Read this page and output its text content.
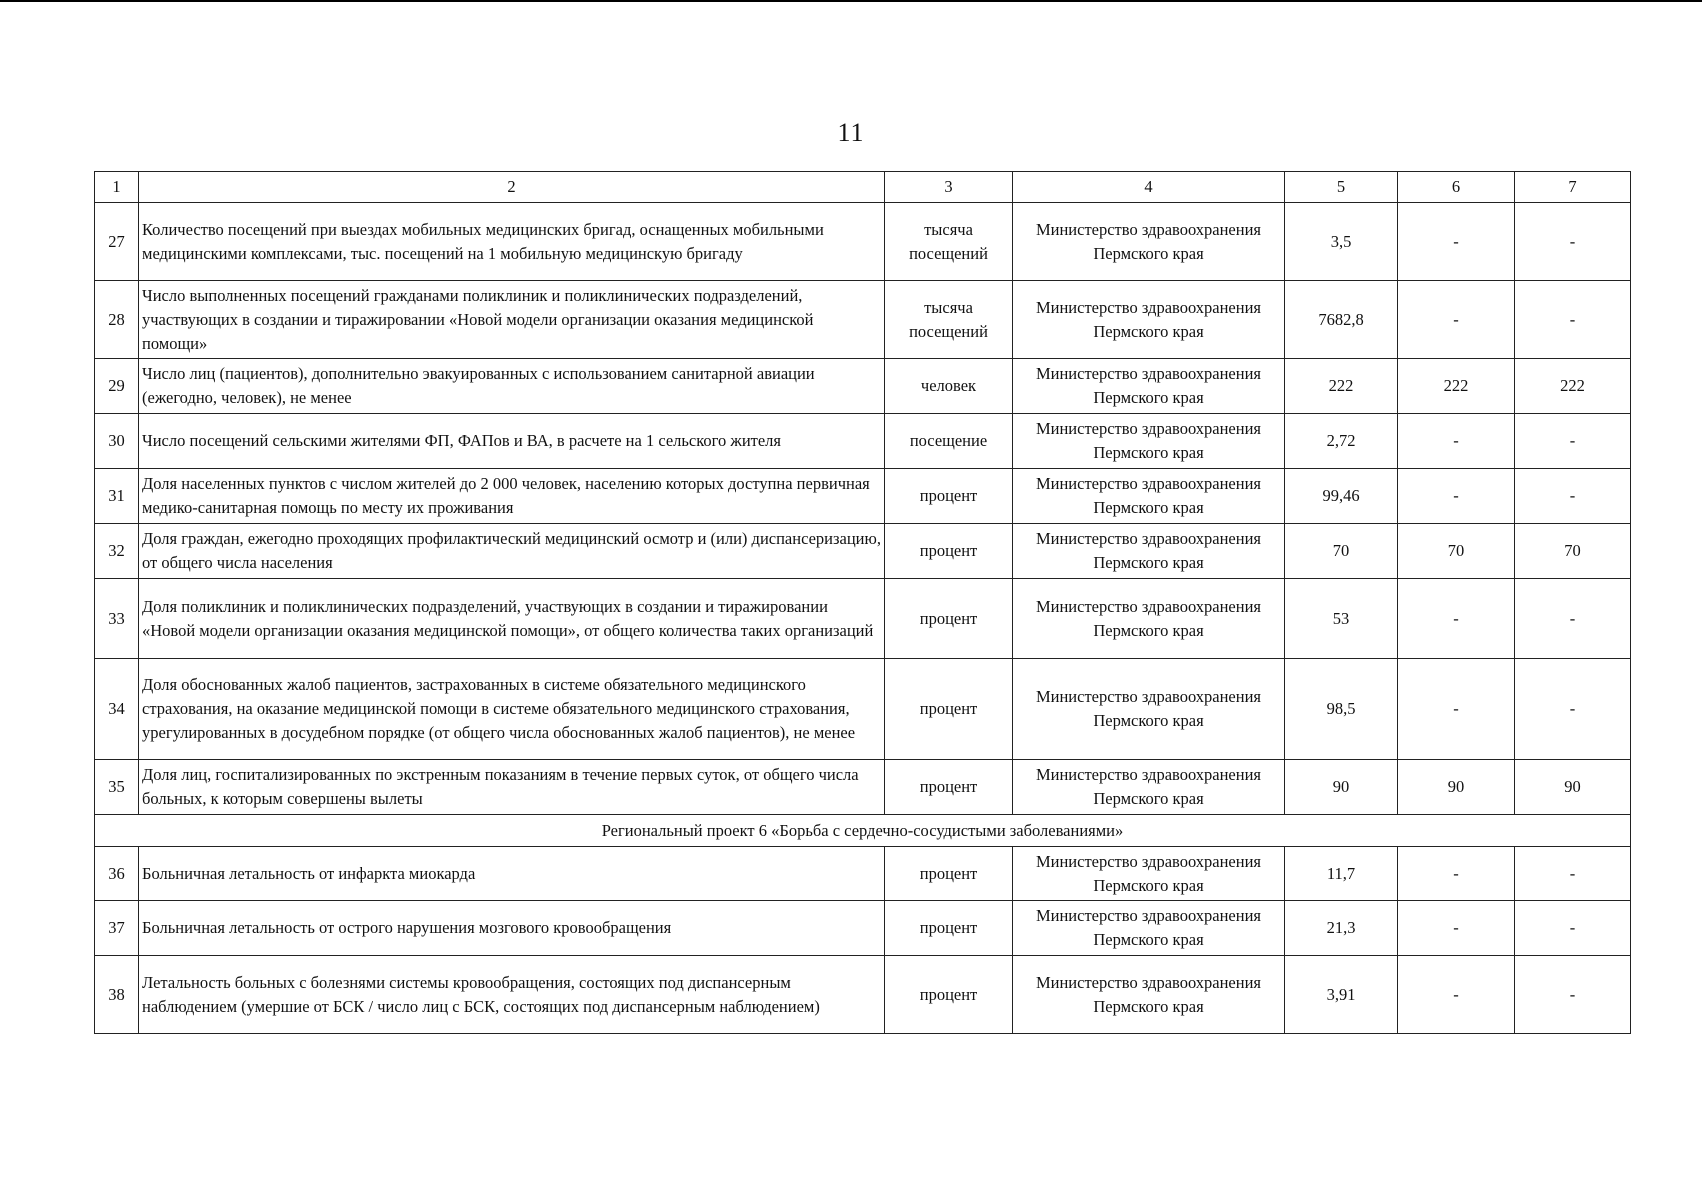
11
1	2	3	4	5	6	7
27	Количество посещений при выездах мобильных медицинских бригад, оснащенных мобильными медицинскими комплексами, тыс. посещений на 1 мобильную медицинскую бригаду	тысяча посещений	Министерство здравоохранения Пермского края	3,5	-	-
28	Число выполненных посещений гражданами поликлиник и поликлинических подразделений, участвующих в создании и тиражировании «Новой модели организации оказания медицинской помощи»	тысяча посещений	Министерство здравоохранения Пермского края	7682,8	-	-
29	Число лиц (пациентов), дополнительно эвакуированных с использованием санитарной авиации (ежегодно, человек), не менее	человек	Министерство здравоохранения Пермского края	222	222	222
30	Число посещений сельскими жителями ФП, ФАПов и ВА, в расчете на 1 сельского жителя	посещение	Министерство здравоохранения Пермского края	2,72	-	-
31	Доля населенных пунктов с числом жителей до 2 000 человек, населению которых доступна первичная медико-санитарная помощь по месту их проживания	процент	Министерство здравоохранения Пермского края	99,46	-	-
32	Доля граждан, ежегодно проходящих профилактический медицинский осмотр и (или) диспансеризацию, от общего числа населения	процент	Министерство здравоохранения Пермского края	70	70	70
33	Доля поликлиник и поликлинических подразделений, участвующих в создании и тиражировании «Новой модели организации оказания медицинской помощи», от общего количества таких организаций	процент	Министерство здравоохранения Пермского края	53	-	-
34	Доля обоснованных жалоб пациентов, застрахованных в системе обязательного медицинского страхования, на оказание медицинской помощи в системе обязательного медицинского страхования, урегулированных в досудебном порядке (от общего числа обоснованных жалоб пациентов), не менее	процент	Министерство здравоохранения Пермского края	98,5	-	-
35	Доля лиц, госпитализированных по экстренным показаниям в течение первых суток, от общего числа больных, к которым совершены вылеты	процент	Министерство здравоохранения Пермского края	90	90	90
Региональный проект 6 «Борьба с сердечно-сосудистыми заболеваниями»						
36	Больничная летальность от инфаркта миокарда	процент	Министерство здравоохранения Пермского края	11,7	-	-
37	Больничная летальность от острого нарушения мозгового кровообращения	процент	Министерство здравоохранения Пермского края	21,3	-	-
38	Летальность больных с болезнями системы кровообращения, состоящих под диспансерным наблюдением (умершие от БСК / число лиц с БСК, состоящих под диспансерным наблюдением)	процент	Министерство здравоохранения Пермского края	3,91	-	-
